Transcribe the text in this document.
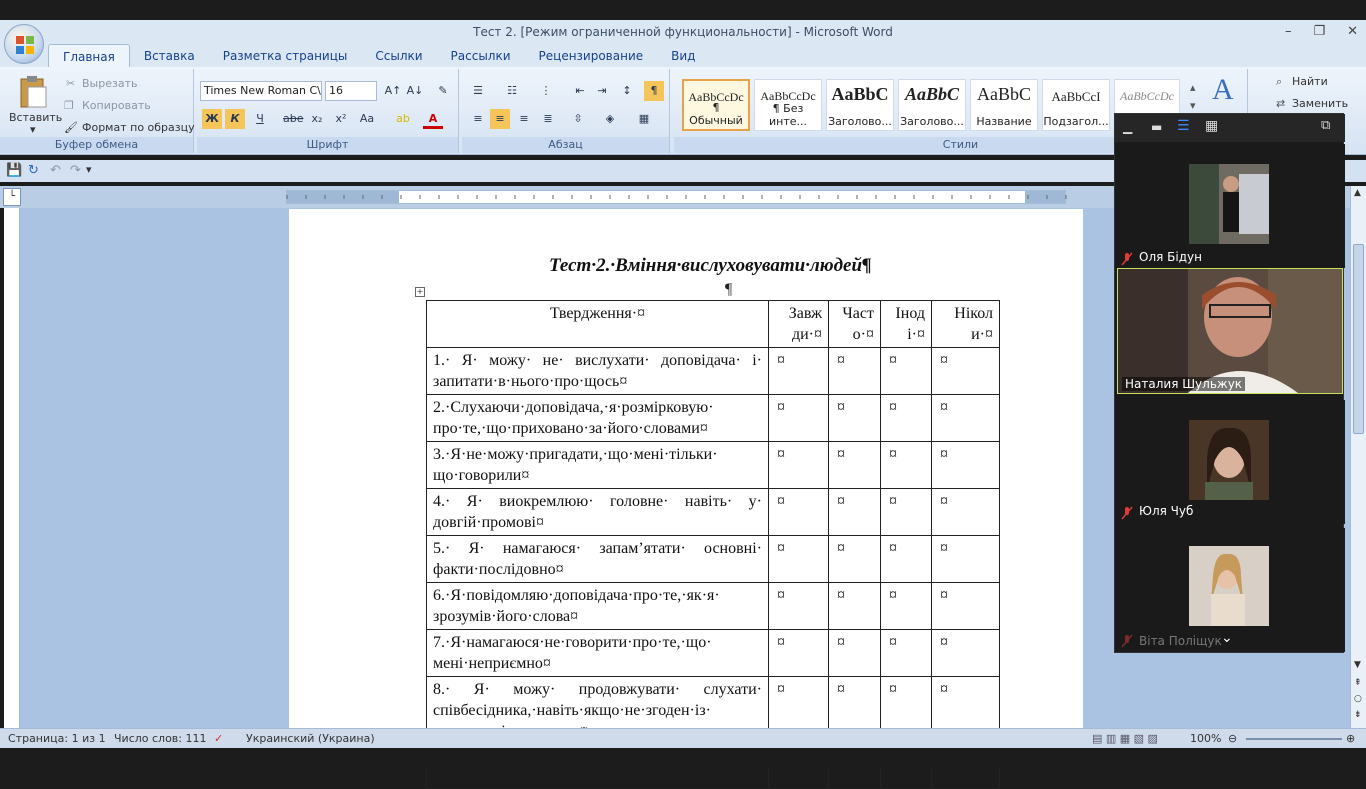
Тест 2. [Режим ограниченной функциональности] - Microsoft Word	– ❐ ✕
Главная	Вставка	Разметка страницы	Ссылки	Рассылки	Рецензирование	Вид
Вставить
▾
✂ Вырезать
❐ Копировать
🖌 Формат по образцу
Буфер обмена
Times New Roman C\ 16	A↑ A↓	✎
Ж	К	Ч	abe x₂	x²	Aa ab	A
Шрифт
☰	☷	⋮	⇤	⇥	↕	¶
≡	≡	≡	≣	⇳	◈	▦
Абзац
AaBbCcDc
¶ Обычный
AaBbCcDc
¶ Без инте...
AaBbC
Заголово...
AaBbC
Заголово...
AaBbC
Название
AaBbCcI
Подзагол...
AaBbCcDc
▴
▾ A
Стили
⌕ Найти
⇄ Заменить
💾 ↻ ↶ ↷ ▾
└
Тест·2.·Вміння·вислуховувати·людей¶
¶
+
Твердження·¤	Завж ди·¤	Част о·¤	Інод і·¤	Нікол и·¤
1.· Я· можу· не· вислухати· доповідача· і· запитати·в·нього·про·щось¤	¤	¤	¤	¤
2.·Слухаючи·доповідача,·я·розмірковую· про·те,·що·приховано·за·його·словами¤	¤	¤	¤	¤
3.·Я·не·можу·пригадати,·що·мені·тільки· що·говорили¤	¤	¤	¤	¤
4.· Я· виокремлюю· головне· навіть· у· довгій·промові¤	¤	¤	¤	¤
5.· Я· намагаюся· запам’ятати· основні· факти·послідовно¤	¤	¤	¤	¤
6.·Я·повідомляю·доповідача·про·те,·як·я· зрозумів·його·слова¤	¤	¤	¤	¤
7.·Я·намагаюся·не·говорити·про·те,·що· мені·неприємно¤	¤	¤	¤	¤
8.· Я· можу· продовжувати· слухати· співбесідника,·навіть·якщо·не·згоден·із·	¤	¤	¤	¤

▲
▼
⇞
○
⇟
▁ ▬ ☰ ▦	⧉
Оля Бідун
Наталия Шульжук
Юля Чуб
Віта Поліщук ⌄
Страница: 1 из 1 Число слов: 111 ✓ Украинский (Украина)	▤ ▥ ▦ ▧ ▨	100% ⊖	⊕
